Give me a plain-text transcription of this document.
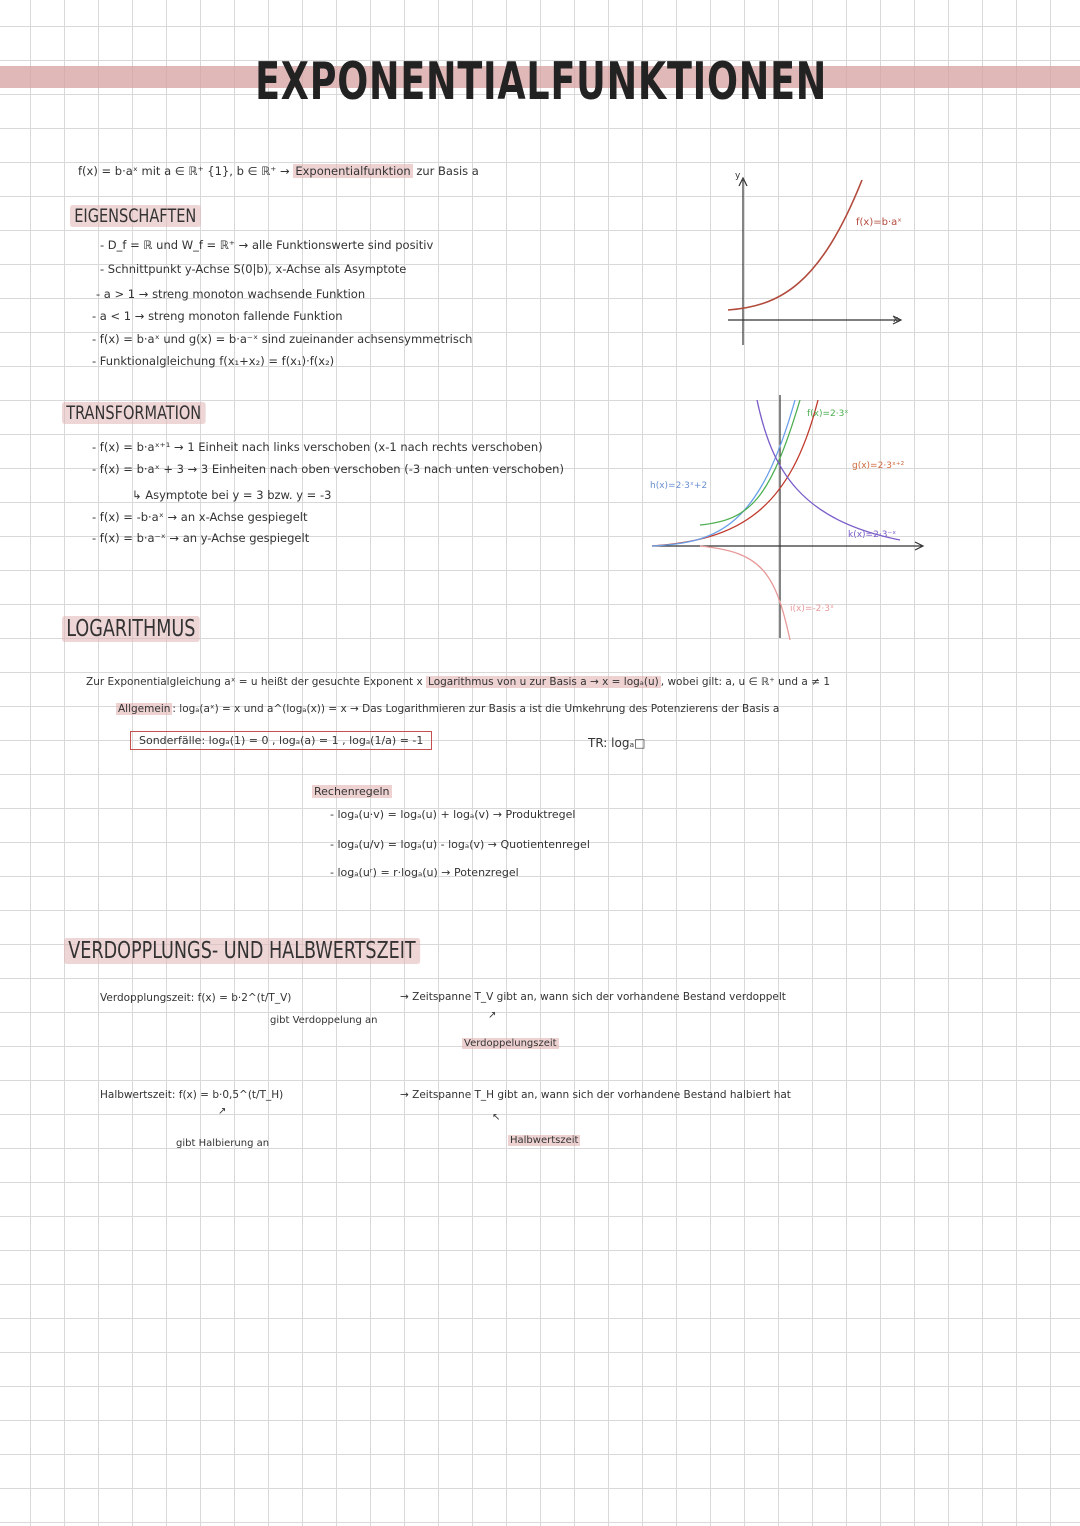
EXPONENTIALFUNKTIONEN
f(x) = b·aˣ mit a ∈ ℝ⁺ {1}, b ∈ ℝ⁺ → Exponentialfunktion zur Basis a
EIGENSCHAFTEN
- D_f = ℝ und W_f = ℝ⁺ → alle Funktionswerte sind positiv
- Schnittpunkt y-Achse S(0|b), x-Achse als Asymptote
- a > 1 → streng monoton wachsende Funktion
- a < 1 → streng monoton fallende Funktion
- f(x) = b·aˣ und g(x) = b·a⁻ˣ sind zueinander achsensymmetrisch
- Funktionalgleichung f(x₁+x₂) = f(x₁)·f(x₂)
y
x
f(x)=b·aˣ
TRANSFORMATION
- f(x) = b·aˣ⁺¹ → 1 Einheit nach links verschoben (x-1 nach rechts verschoben)
- f(x) = b·aˣ + 3 → 3 Einheiten nach oben verschoben (-3 nach unten verschoben)
↳ Asymptote bei y = 3 bzw. y = -3
- f(x) = -b·aˣ → an x-Achse gespiegelt
- f(x) = b·a⁻ˣ → an y-Achse gespiegelt
f(x)=2·3ˣ
g(x)=2·3ˣ⁺²
h(x)=2·3ˣ+2
k(x)=2·3⁻ˣ
i(x)=-2·3ˣ
LOGARITHMUS
Zur Exponentialgleichung aˣ = u heißt der gesuchte Exponent x Logarithmus von u zur Basis a → x = logₐ(u) , wobei gilt: a, u ∈ ℝ⁺ und a ≠ 1
Allgemein : logₐ(aˣ) = x und a^(logₐ(x)) = x → Das Logarithmieren zur Basis a ist die Umkehrung des Potenzierens der Basis a
Sonderfälle: logₐ(1) = 0 , logₐ(a) = 1 , logₐ(1/a) = -1	TR: logₐ□
Rechenregeln
- logₐ(u·v) = logₐ(u) + logₐ(v) → Produktregel
- logₐ(u/v) = logₐ(u) - logₐ(v) → Quotientenregel
- logₐ(uʳ) = r·logₐ(u) → Potenzregel
VERDOPPLUNGS- UND HALBWERTSZEIT
Verdopplungszeit: f(x) = b·2^(t/T_V)
gibt Verdoppelung an
→ Zeitspanne T_V gibt an, wann sich der vorhandene Bestand verdoppelt
↗
Verdoppelungszeit
Halbwertszeit: f(x) = b·0,5^(t/T_H)
↗
gibt Halbierung an
→ Zeitspanne T_H gibt an, wann sich der vorhandene Bestand halbiert hat
↖
Halbwertszeit
